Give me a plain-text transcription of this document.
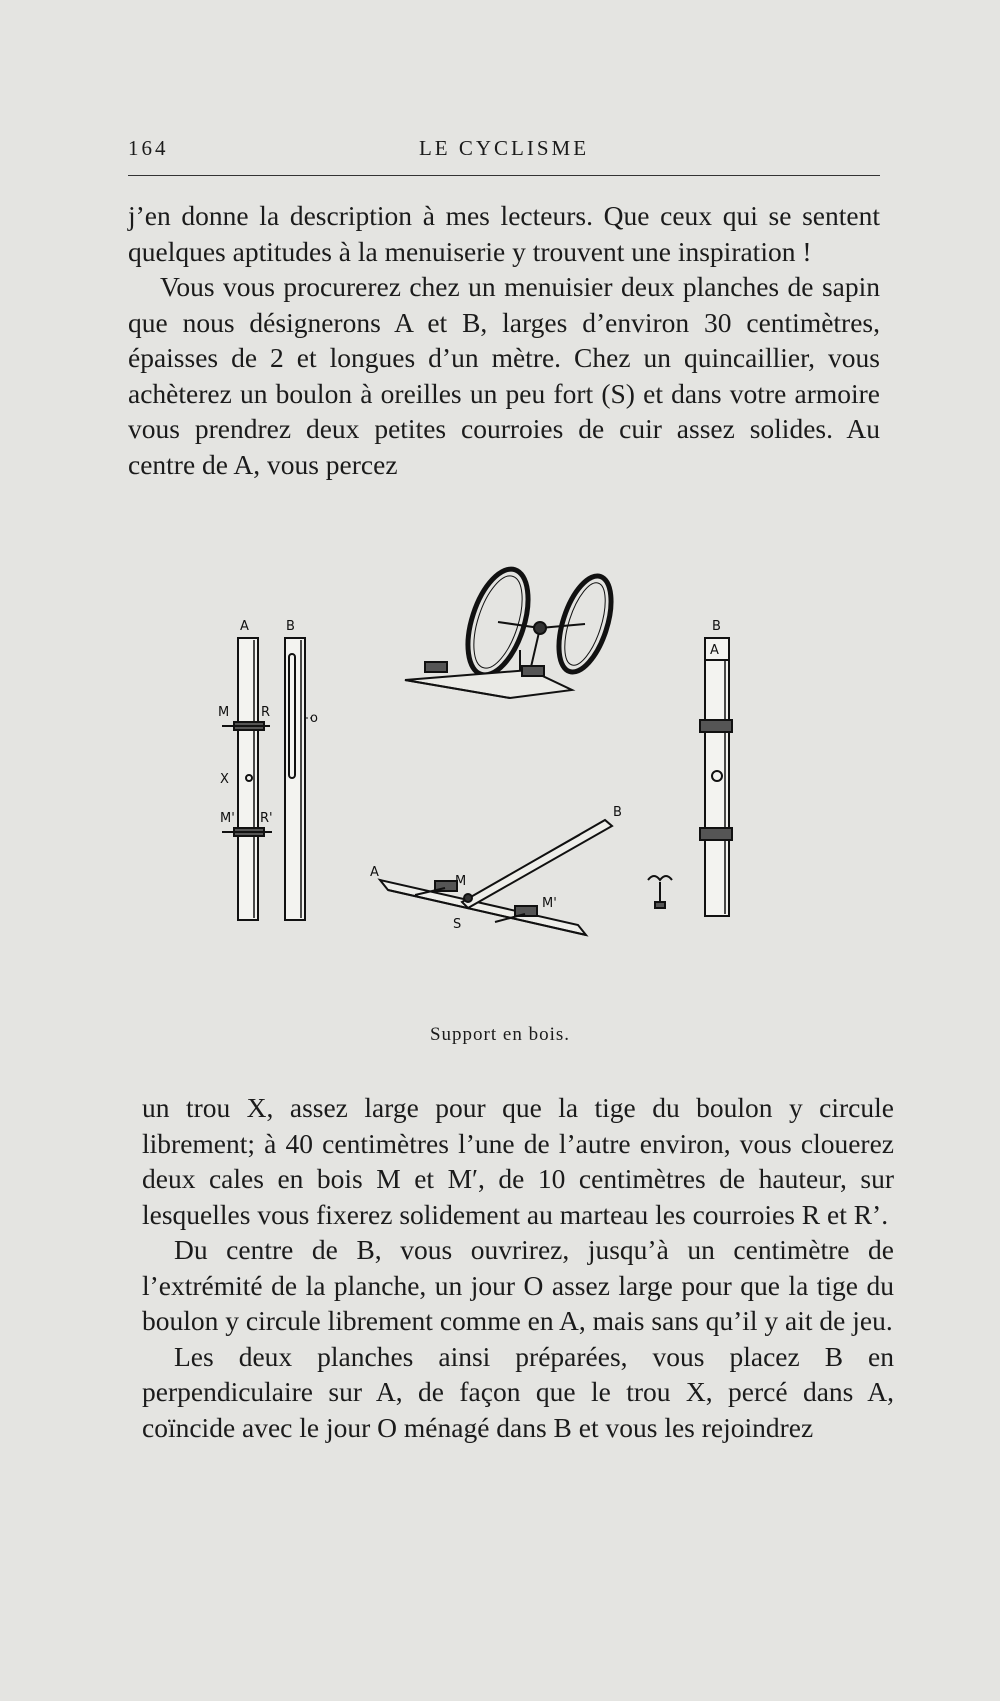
164	LE CYCLISME

j’en donne la description à mes lecteurs. Que ceux qui se sentent quelques aptitudes à la menuiserie y trouvent une inspiration !

Vous vous procurerez chez un menuisier deux planches de sapin que nous désignerons A et B, larges d’environ 30 centimètres, épaisses de 2 et longues d’un mètre. Chez un quincaillier, vous achèterez un boulon à oreilles un peu fort (S) et dans votre armoire vous prendrez deux petites courroies de cuir assez solides. Au centre de A, vous percez

A	B
M R	o
X
M' R'
A
B
M
M'
S
B
A
Support en bois.

un trou X, assez large pour que la tige du boulon y circule librement; à 40 centimètres l’une de l’autre environ, vous clouerez deux cales en bois M et M′, de 10 centimètres de hauteur, sur lesquelles vous fixerez solidement au marteau les courroies R et R’.

Du centre de B, vous ouvrirez, jusqu’à un centimètre de l’extrémité de la planche, un jour O assez large pour que la tige du boulon y circule librement comme en A, mais sans qu’il y ait de jeu.

Les deux planches ainsi préparées, vous placez B en perpendiculaire sur A, de façon que le trou X, percé dans A, coïncide avec le jour O ménagé dans B et vous les rejoindrez
